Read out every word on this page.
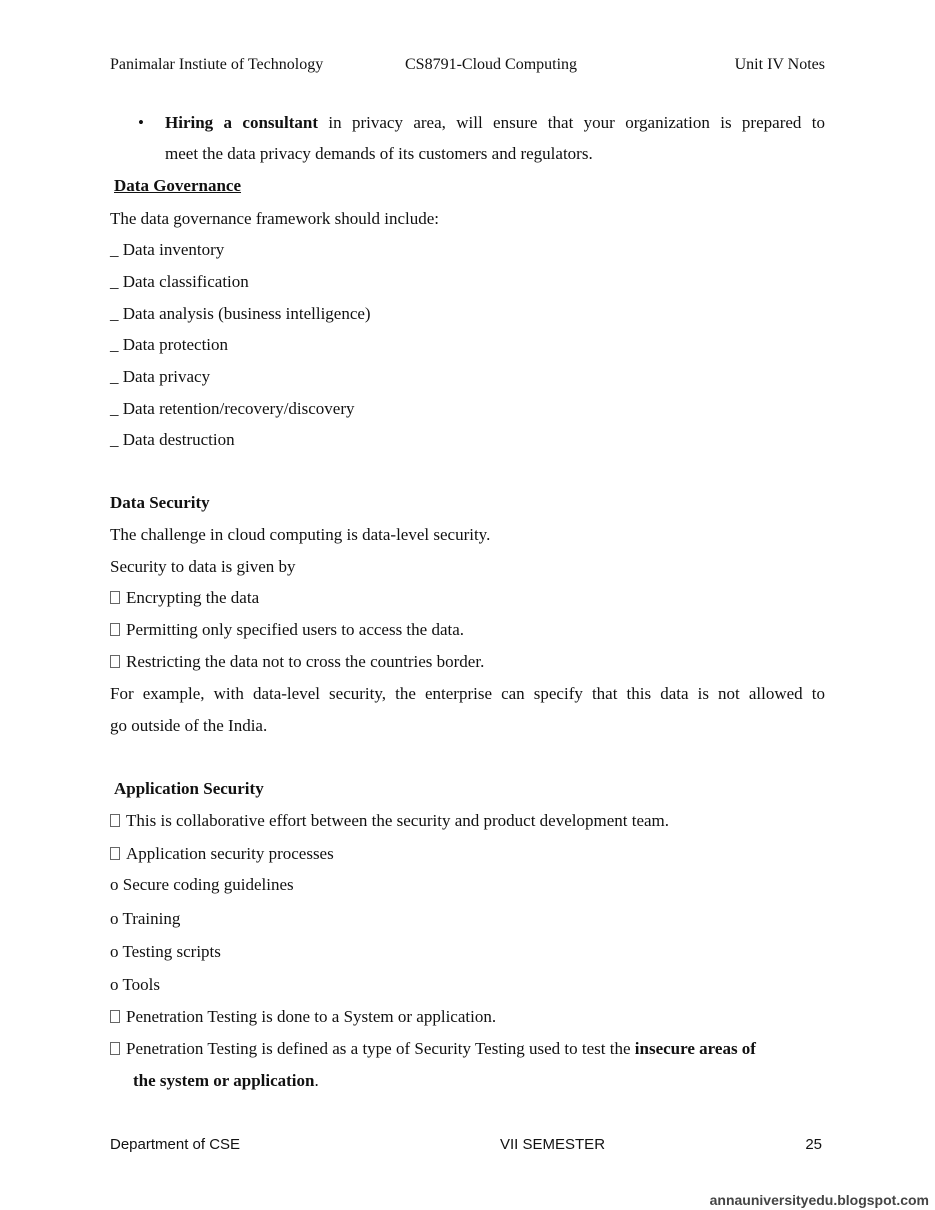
Panimalar Instiute of Technology	CS8791-Cloud Computing	Unit IV Notes
• Hiring a consultant in privacy area, will ensure that your organization is prepared to
meet the data privacy demands of its customers and regulators.
Data Governance
The data governance framework should include:
_ Data inventory
_ Data classification
_ Data analysis (business intelligence)
_ Data protection
_ Data privacy
_ Data retention/recovery/discovery
_ Data destruction
Data Security
The challenge in cloud computing is data-level security.
Security to data is given by
Encrypting the data
Permitting only specified users to access the data.
Restricting the data not to cross the countries border.
For example, with data-level security, the enterprise can specify that this data is not allowed to
go outside of the India.
Application Security
This is collaborative effort between the security and product development team.
Application security processes
o Secure coding guidelines
o Training
o Testing scripts
o Tools
Penetration Testing is done to a System or application.
Penetration Testing is defined as a type of Security Testing used to test the insecure areas of
the system or application.
Department of CSE	VII SEMESTER	25
annauniversityedu.blogspot.com
